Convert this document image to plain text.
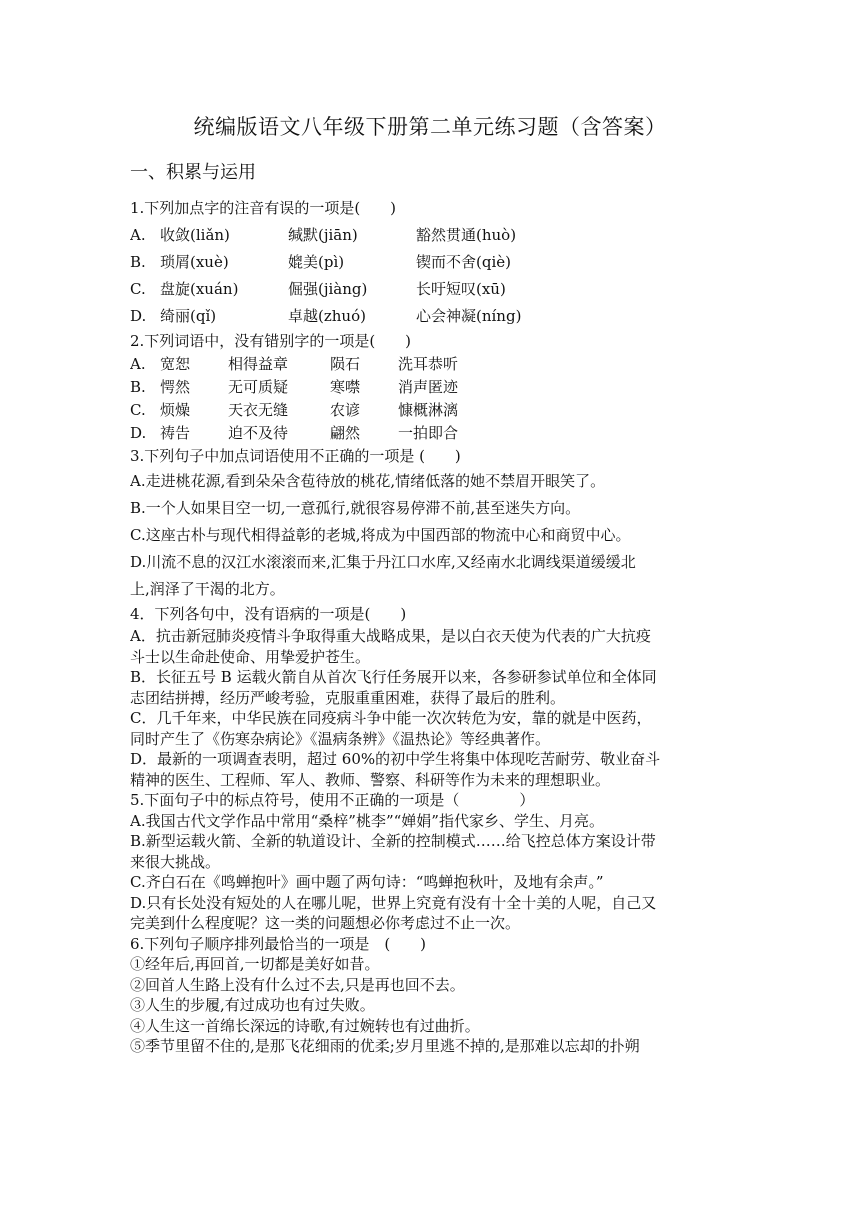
统编版语文八年级下册第二单元练习题（含答案）
一、积累与运用
1.下列加点字的注音有误的一项是(　　)
A. 收敛(liǎn)	缄默(jiān)	豁然贯通(huò)
B. 琐屑(xuè)	媲美(pì)	锲而不舍(qiè)
C. 盘旋(xuán)	倔强(jiàng)	长吁短叹(xū)
D. 绮丽(qǐ)	卓越(zhuó)	心会神凝(níng)
2.下列词语中，没有错别字的一项是(　　)
A. 宽恕	相得益章	陨石	洗耳恭听
B. 愕然	无可质疑	寒噤	消声匿迹
C. 烦燥	天衣无缝	农谚	慷概淋漓
D. 祷告	迫不及待	翩然	一拍即合
3.下列句子中加点词语使用不正确的一项是 (　　)
A.走进桃花源,看到朵朵含苞待放的桃花,情绪低落的她不禁眉开眼笑了。
B.一个人如果目空一切,一意孤行,就很容易停滞不前,甚至迷失方向。
C.这座古朴与现代相得益彰的老城,将成为中国西部的物流中心和商贸中心。
D.川流不息的汉江水滚滚而来,汇集于丹江口水库,又经南水北调线渠道缓缓北
上,润泽了干渴的北方。
4．下列各句中，没有语病的一项是(　　)
A．抗击新冠肺炎疫情斗争取得重大战略成果，是以白衣天使为代表的广大抗疫
斗士以生命赴使命、用挚爱护苍生。
B．长征五号 B 运载火箭自从首次飞行任务展开以来，各参研参试单位和全体同
志团结拼搏，经历严峻考验，克服重重困难，获得了最后的胜利。
C．几千年来，中华民族在同疫病斗争中能一次次转危为安，靠的就是中医药，
同时产生了《伤寒杂病论》《温病条辨》《温热论》等经典著作。
D．最新的一项调查表明，超过 60%的初中学生将集中体现吃苦耐劳、敬业奋斗
精神的医生、工程师、军人、教师、警察、科研等作为未来的理想职业。
5.下面句子中的标点符号，使用不正确的一项是（　　　　）
A.我国古代文学作品中常用“桑梓”桃李”“婵娟”指代家乡、学生、月亮。
B.新型运载火箭、全新的轨道设计、全新的控制模式……给飞控总体方案设计带
来很大挑战。
C.齐白石在《鸣蝉抱叶》画中题了两句诗：“鸣蝉抱秋叶，及地有余声。”
D.只有长处没有短处的人在哪儿呢，世界上究竟有没有十全十美的人呢，自己又
完美到什么程度呢？这一类的问题想必你考虑过不止一次。
6.下列句子顺序排列最恰当的一项是　(　　)
①经年后,再回首,一切都是美好如昔。
②回首人生路上没有什么过不去,只是再也回不去。
③人生的步履,有过成功也有过失败。
④人生这一首绵长深远的诗歌,有过婉转也有过曲折。
⑤季节里留不住的,是那飞花细雨的优柔;岁月里逃不掉的,是那难以忘却的扑朔
